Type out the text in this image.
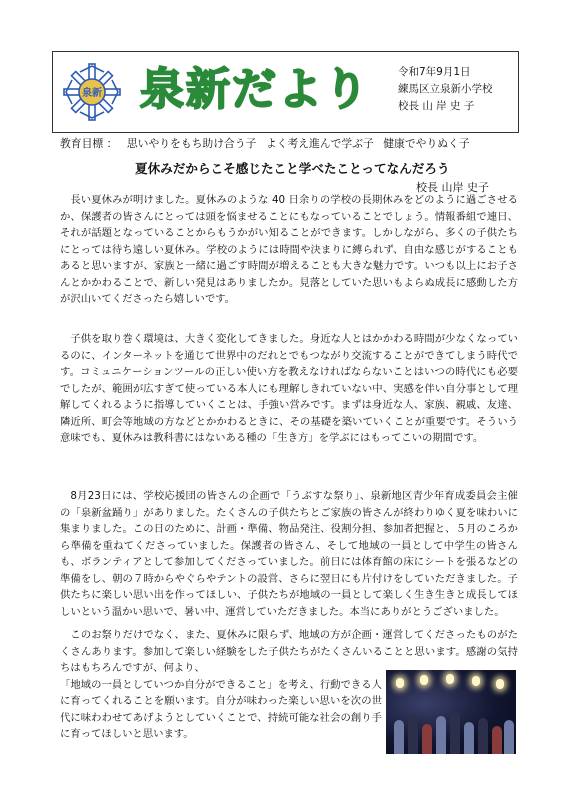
泉新 泉新だより	令和7年9月1日
練馬区立泉新小学校
校長 山 岸 史 子
教育目標 ： 思いやりをもち助け合う子 よく考え進んで学ぶ子 健康でやりぬく子
夏休みだからこそ感じたこと学べたことってなんだろう
校長 山岸 史子

長い夏休みが明けました。夏休みのような 40 日余りの学校の長期休みをどのように過ごさせるか、保護者の皆さんにとっては頭を悩ませることにもなっていることでしょう。情報番組で連日、それが話題となっていることからもうかがい知ることができます。しかしながら、多くの子供たちにとっては待ち遠しい夏休み。学校のようには時間や決まりに縛られず、自由な感じがすることもあると思いますが、家族と一緒に過ごす時間が増えることも大きな魅力です。いつも以上にお子さんとかかわることで、新しい発見はありましたか。見落としていた思いもよらぬ成長に感動した方が沢山いてくださったら嬉しいです。

子供を取り巻く環境は、大きく変化してきました。身近な人とはかかわる時間が少なくなっているのに、インターネットを通じて世界中のだれとでもつながり交流することができてしまう時代です。コミュニケーションツールの正しい使い方を教えなければならないことはいつの時代にも必要でしたが、範囲が広すぎて使っている本人にも理解しきれていない中、実感を伴い自分事として理解してくれるように指導していくことは、手強い営みです。まずは身近な人、家族、親戚、友達、隣近所、町会等地域の方などとかかわるときに、その基礎を築いていくことが重要です。そういう意味でも、夏休みは教科書にはないある種の「生き方」を学ぶにはもってこいの期間です。

8月23日には、学校応援団の皆さんの企画で「うぶすな祭り」、泉新地区青少年育成委員会主催の「泉新盆踊り」がありました。たくさんの子供たちとご家族の皆さんが終わりゆく夏を味わいに集まりました。この日のために、計画・準備、物品発注、役割分担、参加者把握と、５月のころから準備を重ねてくださっていました。保護者の皆さん、そして地域の一員として中学生の皆さんも、ボランティアとして参加してくださっていました。前日には体育館の床にシートを張るなどの準備をし、朝の７時からやぐらやテントの設営、さらに翌日にも片付けをしていただきました。子供たちに楽しい思い出を作ってほしい、子供たちが地域の一員として楽しく生き生きと成長してほしいという温かい思いで、暑い中、運営していただきました。本当にありがとうございました。

このお祭りだけでなく、また、夏休みに限らず、地域の方が企画・運営してくださったものがたくさんあります。参加して楽しい経験をした子供たちがたくさんいることと思います。感謝の気持ちはもちろんですが、何より、

「地域の一員としていつか自分ができること」を考え、行動できる人に育ってくれることを願います。自分が味わった楽しい思いを次の世代に味わわせてあげようとしていくことで、持続可能な社会の創り手に育ってほしいと思います。
